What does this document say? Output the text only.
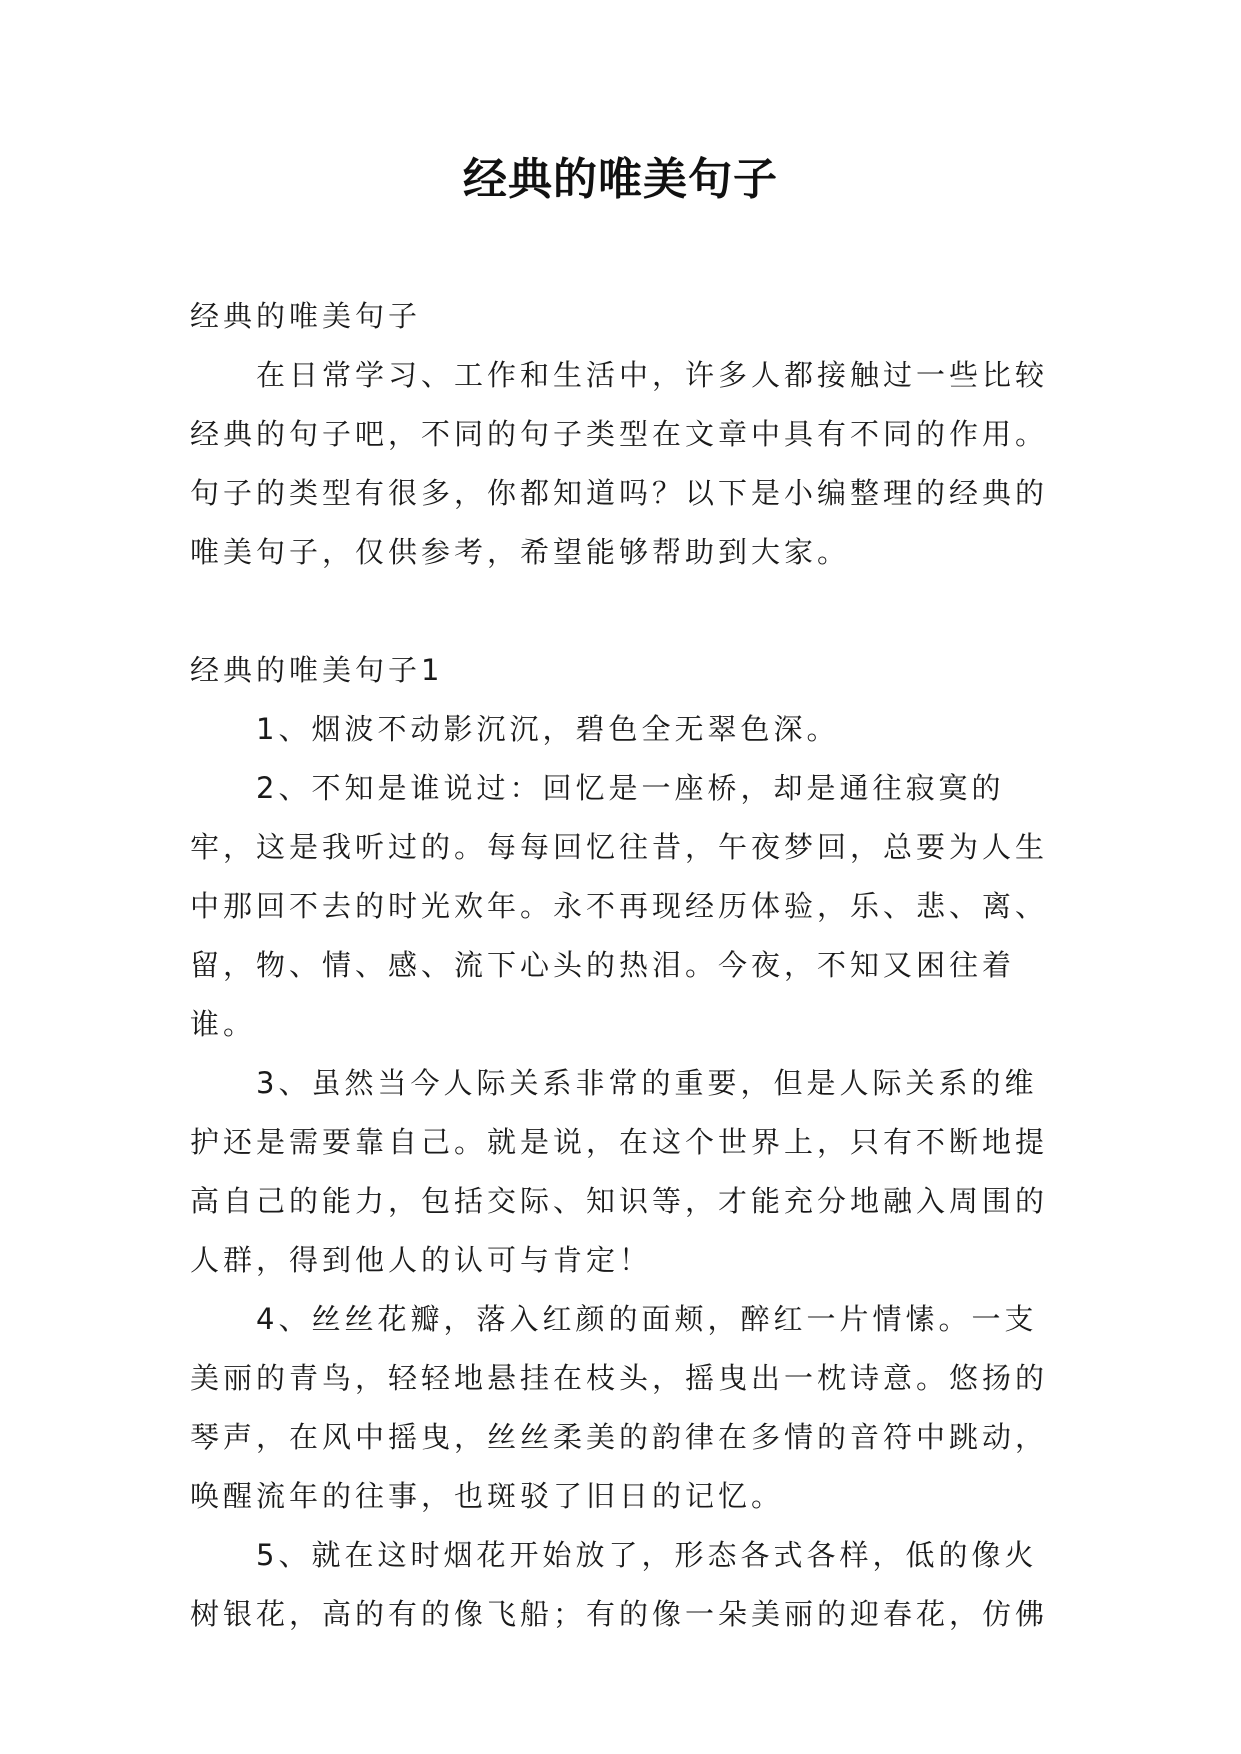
经典的唯美句子

经典的唯美句子

在日常学习、工作和生活中，许多人都接触过一些比较经典的句子吧，不同的句子类型在文章中具有不同的作用。句子的类型有很多，你都知道吗？以下是小编整理的经典的唯美句子，仅供参考，希望能够帮助到大家。

经典的唯美句子1

1、烟波不动影沉沉，碧色全无翠色深。

2、不知是谁说过：回忆是一座桥，却是通往寂寞的牢，这是我听过的。每每回忆往昔，午夜梦回，总要为人生中那回不去的时光欢年。永不再现经历体验，乐、悲、离、留，物、情、感、流下心头的热泪。今夜，不知又困往着谁。

3、虽然当今人际关系非常的重要，但是人际关系的维护还是需要靠自己。就是说，在这个世界上，只有不断地提高自己的能力，包括交际、知识等，才能充分地融入周围的人群，得到他人的认可与肯定！

4、丝丝花瓣，落入红颜的面颊，醉红一片情愫。一支美丽的青鸟，轻轻地悬挂在枝头，摇曳出一枕诗意。悠扬的琴声，在风中摇曳，丝丝柔美的韵律在多情的音符中跳动，唤醒流年的往事，也斑驳了旧日的记忆。

5、就在这时烟花开始放了，形态各式各样，低的像火树银花，高的有的像飞船；有的像一朵美丽的迎春花，仿佛
